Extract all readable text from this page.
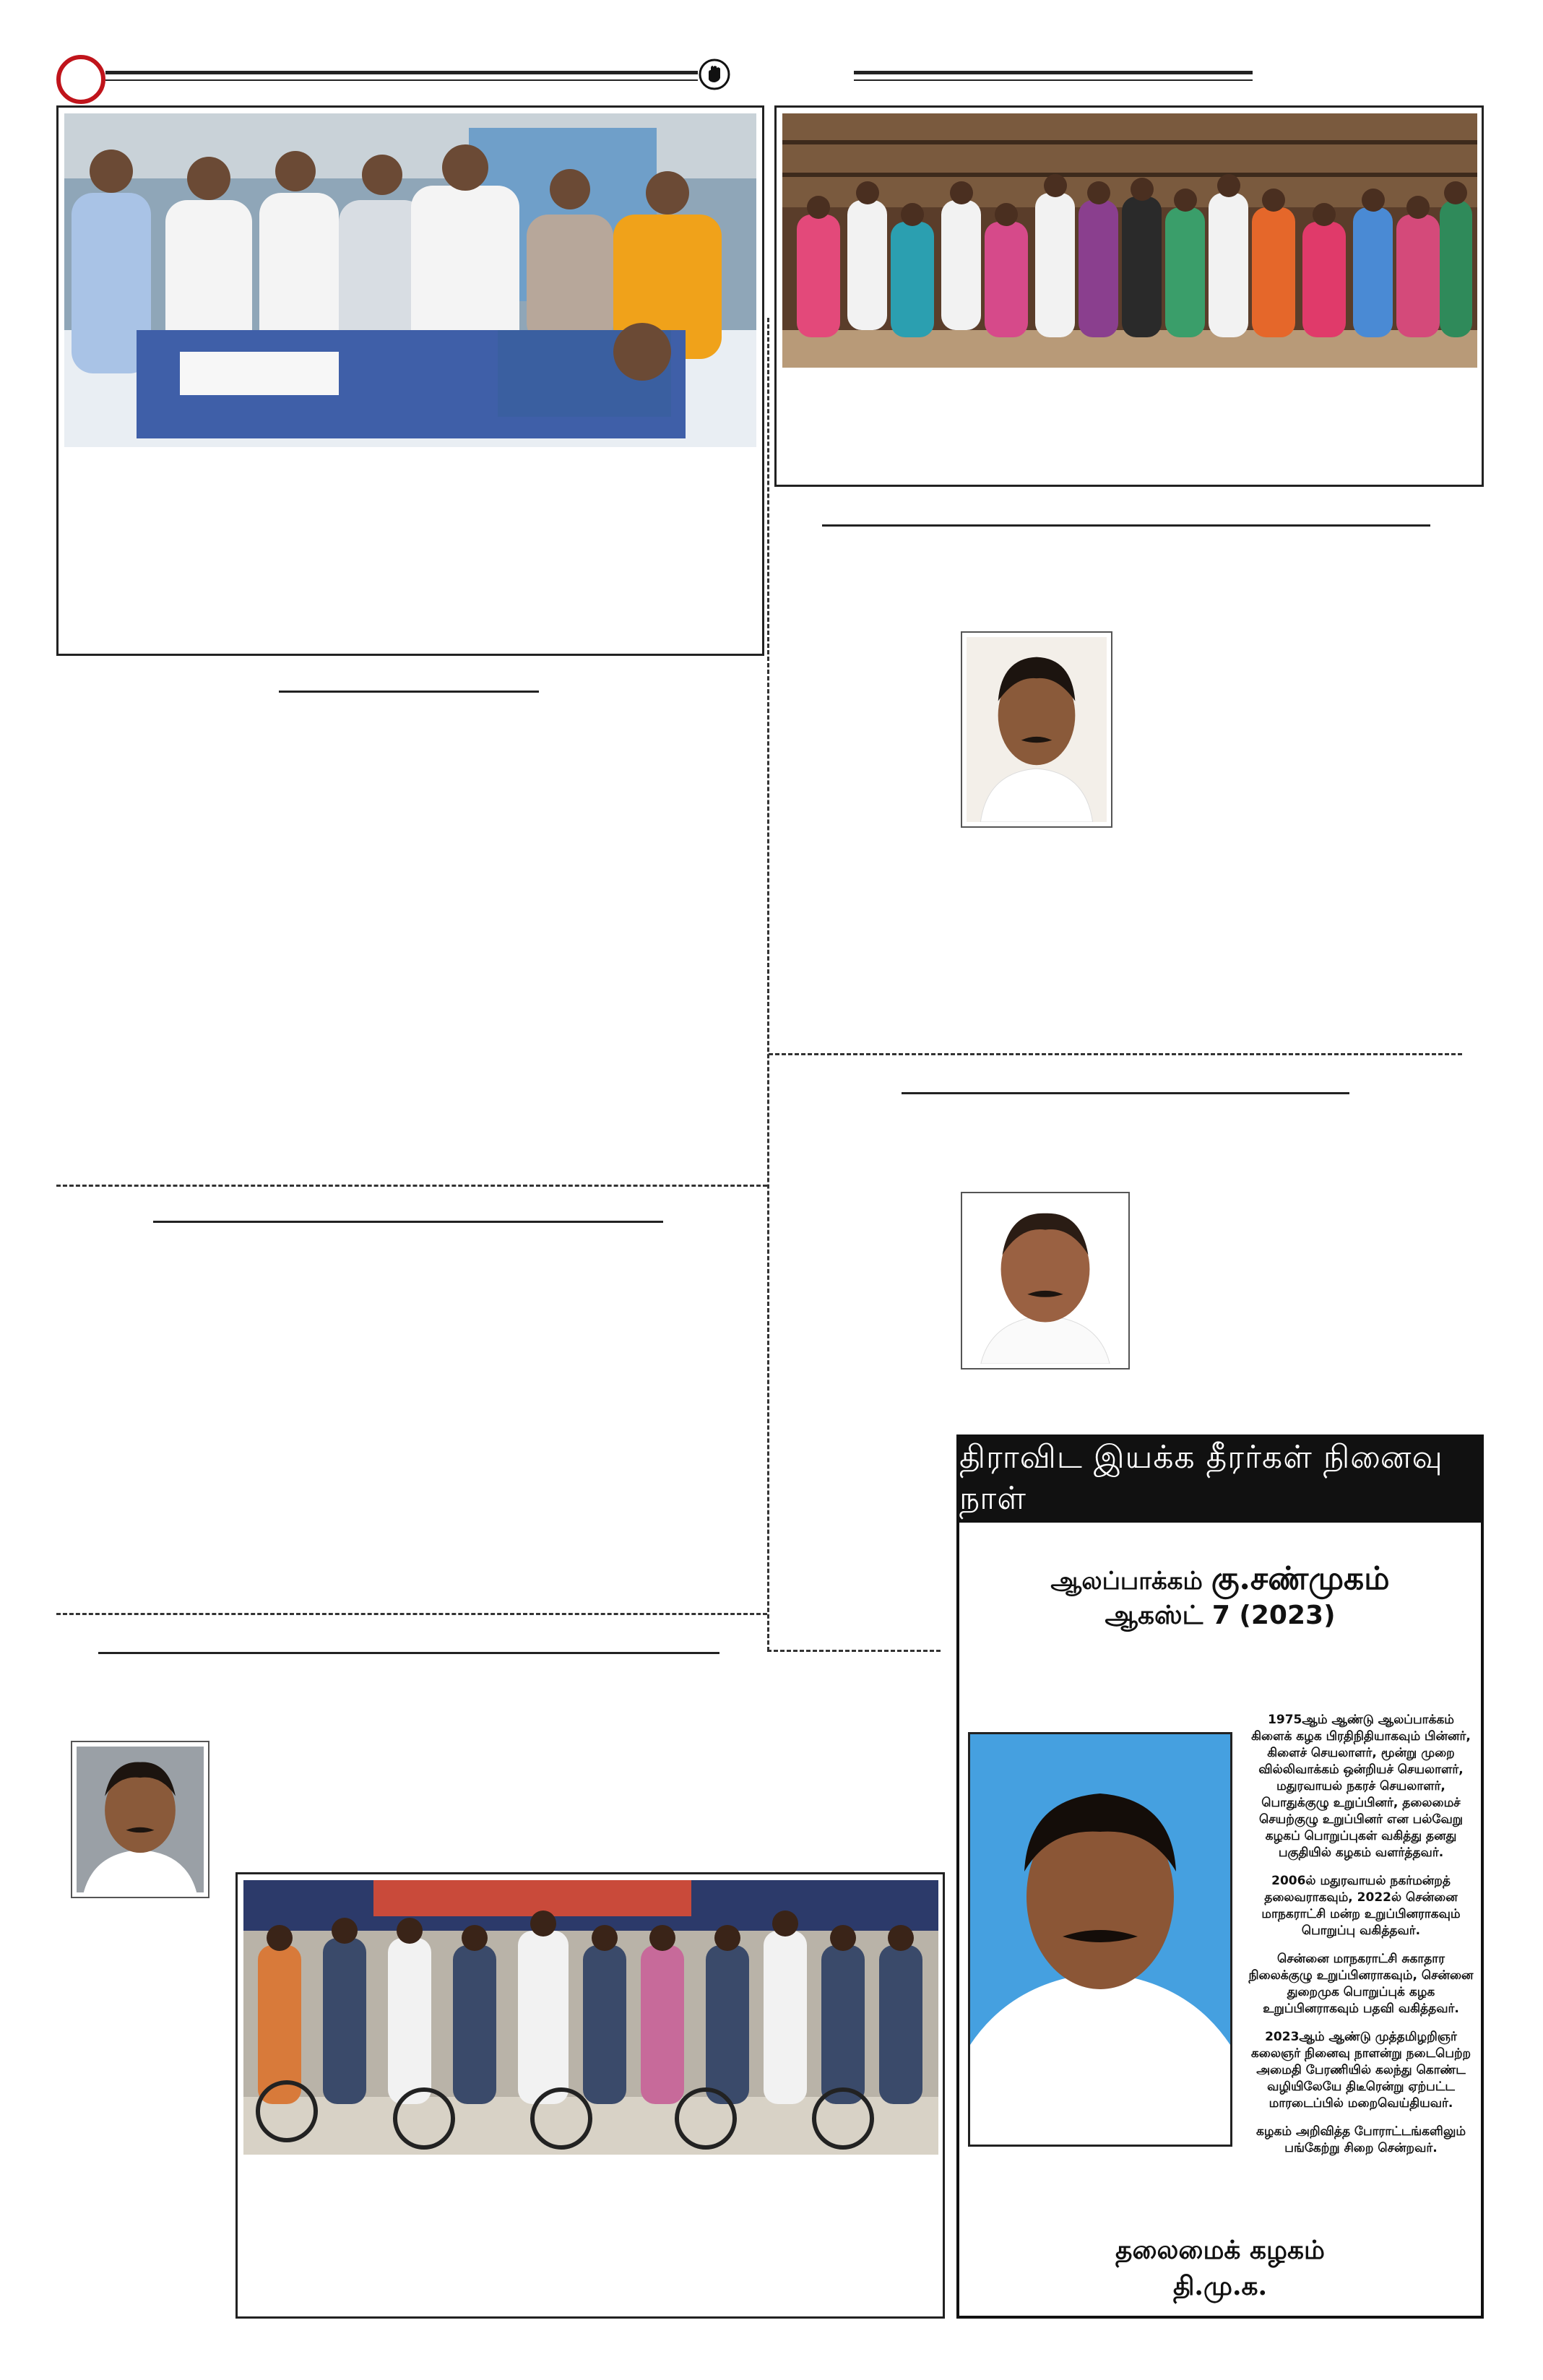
திராவிட இயக்க தீரர்கள் நினைவு நாள்
ஆலப்பாக்கம் கு.சண்முகம்
ஆகஸ்ட் 7 (2023)

1975ஆம் ஆண்டு ஆலப்பாக்கம் கிளைக் கழக பிரதிநிதியாகவும் பின்னர், கிளைச் செயலாளர், மூன்று முறை வில்லிவாக்கம் ஒன்றியச் செயலாளர், மதுரவாயல் நகரச் செயலாளர், பொதுக்குழு உறுப்பினர், தலைமைச் செயற்குழு உறுப்பினர் என பல்வேறு கழகப் பொறுப்புகள் வகித்து தனது பகுதியில் கழகம் வளர்த்தவர்.

2006ல் மதுரவாயல் நகர்மன்றத் தலைவராகவும், 2022ல் சென்னை மாநகராட்சி மன்ற உறுப்பினராகவும் பொறுப்பு வகித்தவர்.

சென்னை மாநகராட்சி சுகாதார நிலைக்குழு உறுப்பினராகவும், சென்னை துறைமுக பொறுப்புக் கழக உறுப்பினராகவும் பதவி வகித்தவர்.

2023ஆம் ஆண்டு முத்தமிழறிஞர் கலைஞர் நினைவு நாளன்று நடைபெற்ற அமைதி பேரணியில் கலந்து கொண்ட வழியிலேயே திடீரென்று ஏற்பட்ட மாரடைப்பில் மறைவெய்தியவர்.

கழகம் அறிவித்த போராட்டங்களிலும் பங்கேற்று சிறை சென்றவர்.

தலைமைக் கழகம்
தி.மு.க.
